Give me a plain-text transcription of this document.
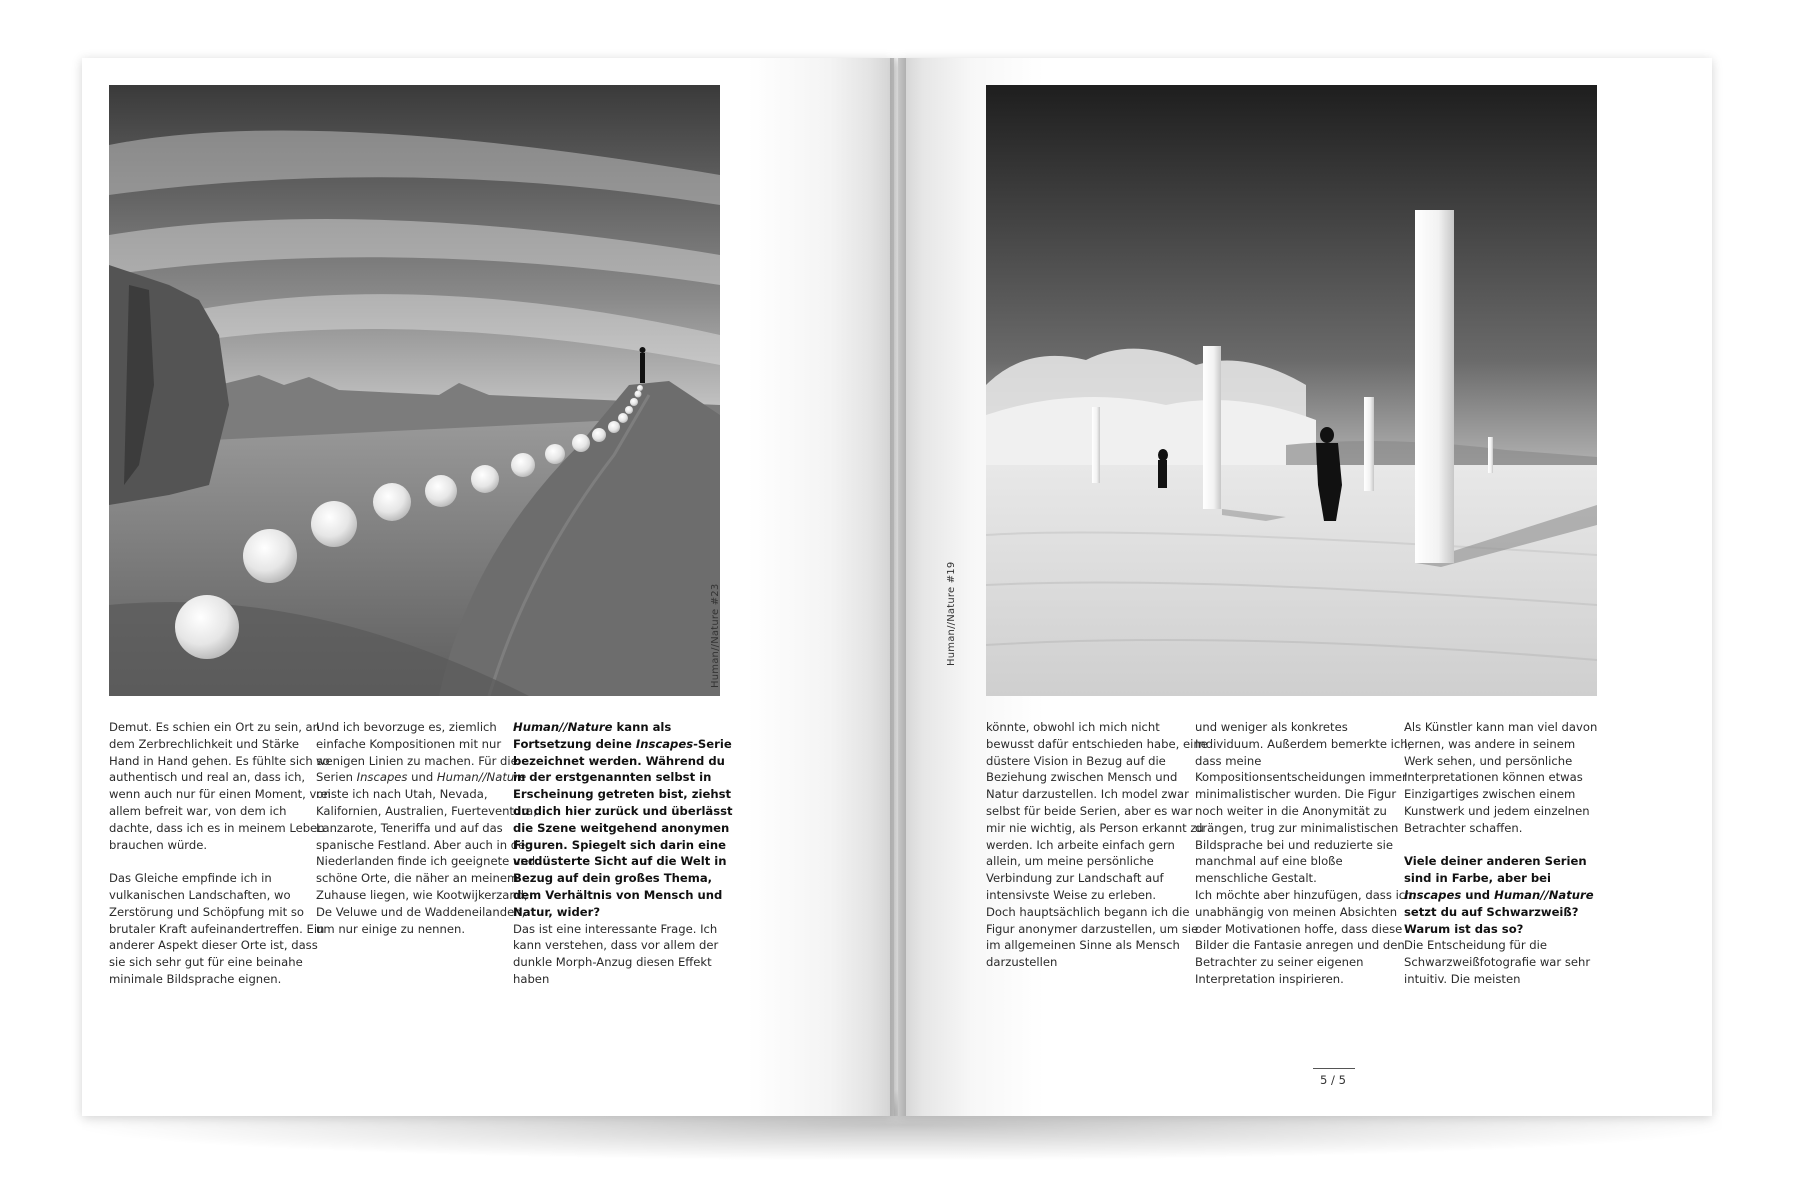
Human//Nature #23

Demut. Es schien ein Ort zu sein, an dem Zerbrechlichkeit und Stärke Hand in Hand gehen. Es fühlte sich so authentisch und real an, dass ich, wenn auch nur für einen Moment, von allem befreit war, von dem ich dachte, dass ich es in meinem Leben brauchen würde.

Das Gleiche empfinde ich in vulkanischen Landschaften, wo Zerstörung und Schöpfung mit so brutaler Kraft aufeinandertreffen. Ein anderer Aspekt dieser Orte ist, dass sie sich sehr gut für eine beinahe minimale Bildsprache eignen.

Und ich bevorzuge es, ziemlich einfache Kompositionen mit nur wenigen Linien zu machen. Für die Serien Inscapes und Human//Nature reiste ich nach Utah, Nevada, Kalifornien, Australien, Fuerteventura, Lanzarote, Teneriffa und auf das spanische Festland. Aber auch in den Niederlanden finde ich geeignete und schöne Orte, die näher an meinem Zuhause liegen, wie Kootwijkerzand, De Veluwe und de Waddeneilanden, um nur einige zu nennen.

Human//Nature kann als Fortsetzung deine Inscapes-Serie bezeichnet werden. Während du in der erstgenannten selbst in Erscheinung getreten bist, ziehst du dich hier zurück und überlässt die Szene weitgehend anonymen Figuren. Spiegelt sich darin eine verdüsterte Sicht auf die Welt in Bezug auf dein großes Thema, dem Verhältnis von Mensch und Natur, wider?
Das ist eine interessante Frage. Ich kann verstehen, dass vor allem der dunkle Morph-Anzug diesen Effekt haben
Human//Nature #19

könnte, obwohl ich mich nicht bewusst dafür entschieden habe, eine düstere Vision in Bezug auf die Beziehung zwischen Mensch und Natur darzustellen. Ich model zwar selbst für beide Serien, aber es war mir nie wichtig, als Person erkannt zu werden. Ich arbeite einfach gern allein, um meine persönliche Verbindung zur Landschaft auf intensivste Weise zu erleben.

Doch hauptsächlich begann ich die Figur anonymer darzustellen, um sie im allgemeinen Sinne als Mensch darzustellen

und weniger als konkretes Individuum. Außerdem bemerkte ich, dass meine Kompositionsentscheidungen immer minimalistischer wurden. Die Figur noch weiter in die Anonymität zu drängen, trug zur minimalistischen Bildsprache bei und reduzierte sie manchmal auf eine bloße menschliche Gestalt.

Ich möchte aber hinzufügen, dass ich unabhängig von meinen Absichten oder Motivationen hoffe, dass diese Bilder die Fantasie anregen und den Betrachter zu seiner eigenen Interpretation inspirieren.

Als Künstler kann man viel davon lernen, was andere in seinem Werk sehen, und persönliche Interpretationen können etwas Einzigartiges zwischen einem Kunstwerk und jedem einzelnen Betrachter schaffen.

Viele deiner anderen Serien sind in Farbe, aber bei Inscapes und Human//Nature setzt du auf Schwarzweiß? Warum ist das so?
Die Entscheidung für die Schwarzweißfotografie war sehr intuitiv. Die meisten
5 / 5
